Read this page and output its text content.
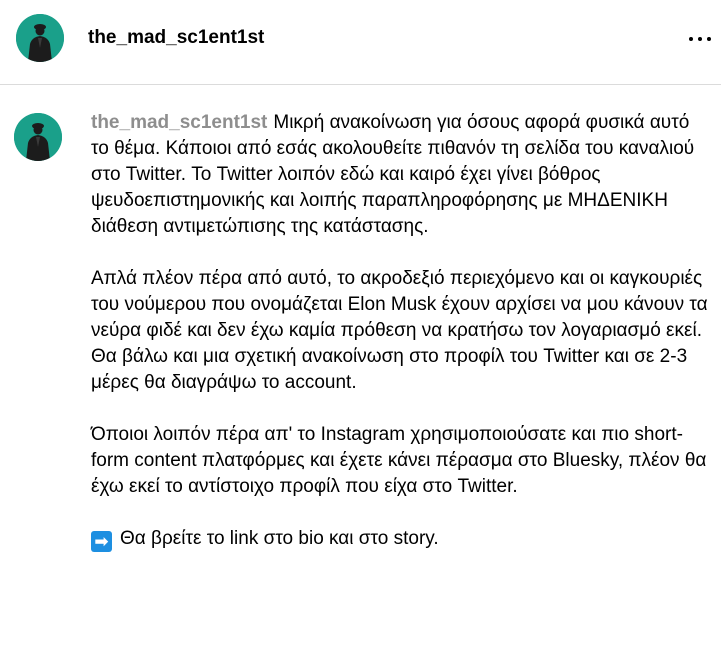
the_mad_sc1ent1st

the_mad_sc1ent1st Μικρή ανακοίνωση για όσους αφορά φυσικά αυτό το θέμα. Κάποιοι από εσάς ακολουθείτε πιθανόν τη σελίδα του καναλιού στο Twitter. Το Twitter λοιπόν εδώ και καιρό έχει γίνει βόθρος ψευδοεπιστημονικής και λοιπής παραπληροφόρησης με ΜΗΔΕΝΙΚΗ διάθεση αντιμετώπισης της κατάστασης.

Απλά πλέον πέρα από αυτό, το ακροδεξιό περιεχόμενο και οι καγκουριές του νούμερου που ονομάζεται Elon Musk έχουν αρχίσει να μου κάνουν τα νεύρα φιδέ και δεν έχω καμία πρόθεση να κρατήσω τον λογαριασμό εκεί. Θα βάλω και μια σχετική ανακοίνωση στο προφίλ του Twitter και σε 2-3 μέρες θα διαγράψω το account.

Όποιοι λοιπόν πέρα απ' το Instagram χρησιμοποιούσατε και πιο short-form content πλατφόρμες και έχετε κάνει πέρασμα στο Bluesky, πλέον θα έχω εκεί το αντίστοιχο προφίλ που είχα στο Twitter.

➡ Θα βρείτε το link στο bio και στο story.
